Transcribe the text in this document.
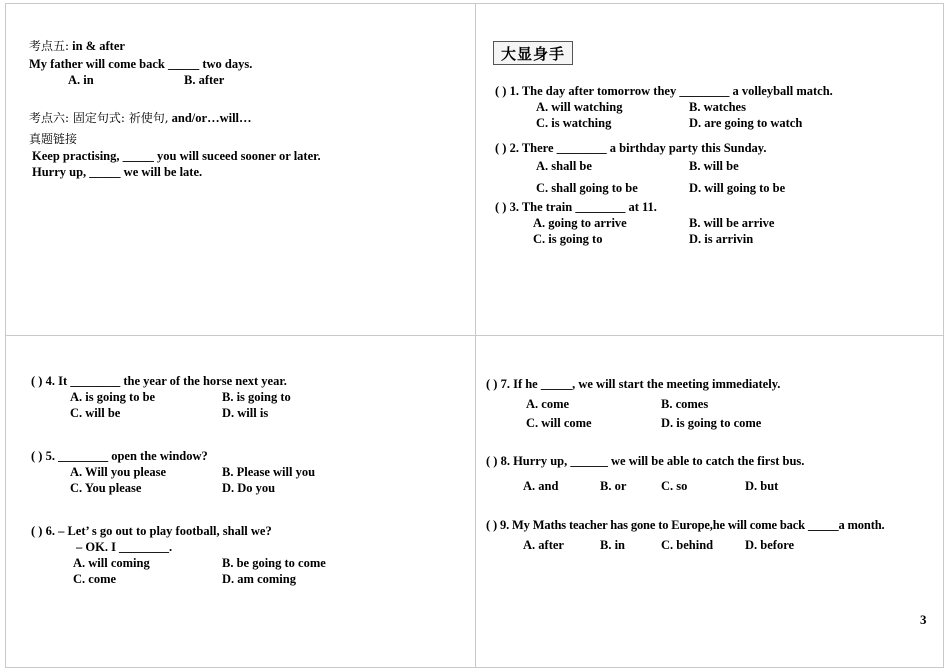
考点五: in & after
My father will come back _____ two days.
A. in	B. after
考点六: 固定句式: 祈使句, and/or…will…
真题链接
Keep practising, _____ you will suceed sooner or later.
Hurry up, _____ we will be late.
大显身手
( ) 1. The day after tomorrow they ________ a volleyball match.
A. will watching	B. watches
C. is watching	D. are going to watch
( ) 2. There ________ a birthday party this Sunday.
A. shall be	B. will be
C. shall going to be	D. will going to be
( ) 3. The train ________ at 11.
A. going to arrive	B. will be arrive
C. is going to	D. is arrivin
( ) 4. It ________ the year of the horse next year.
A. is going to be	B. is going to
C. will be	D. will is
( ) 5. ________ open the window?
A. Will you please	B. Please will you
C. You please	D. Do you
( ) 6. – Let’ s go out to play football, shall we?
– OK. I ________.
A. will coming	B. be going to come
C. come	D. am coming
( ) 7. If he _____, we will start the meeting immediately.
A. come	B. comes
C. will come	D. is going to come
( ) 8. Hurry up, ______ we will be able to catch the first bus.
A. and	B. or	C. so	D. but
( ) 9. My Maths teacher has gone to Europe,he will come back _____a month.
A. after	B. in	C. behind	D. before
3
